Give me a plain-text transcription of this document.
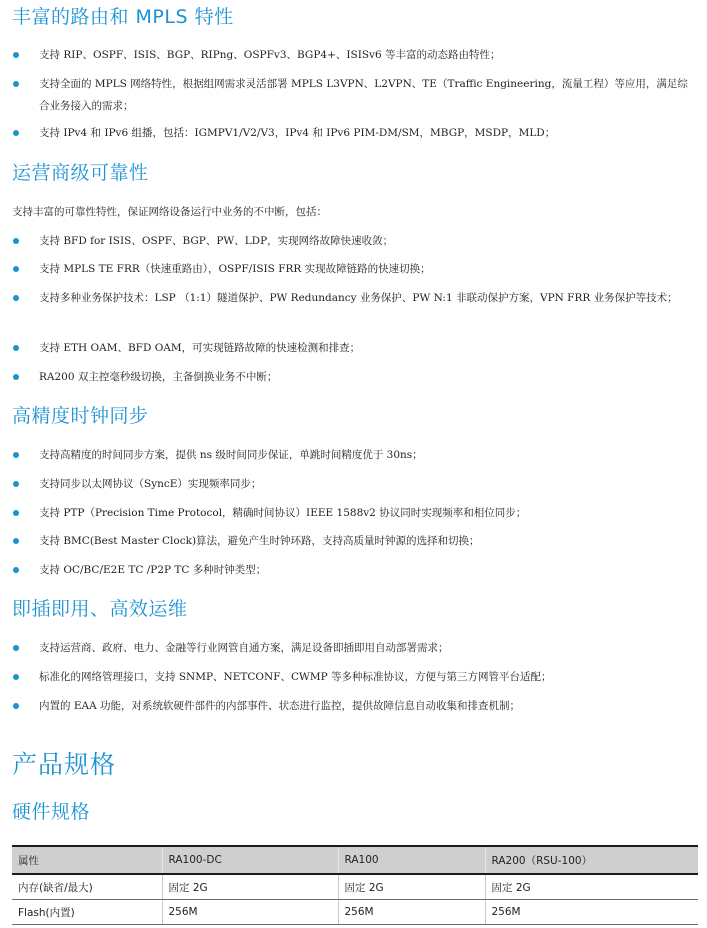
丰富的路由和 MPLS 特性
支持 RIP、OSPF、ISIS、BGP、RIPng、OSPFv3、BGP4+、ISISv6 等丰富的动态路由特性；
支持全面的 MPLS 网络特性，根据组网需求灵活部署 MPLS L3VPN、L2VPN、TE（Traffic Engineering，流量工程）等应用，满足综合业务接入的需求；
支持 IPv4 和 IPv6 组播，包括：IGMPV1/V2/V3，IPv4 和 IPv6 PIM-DM/SM，MBGP，MSDP，MLD；
运营商级可靠性
支持丰富的可靠性特性，保证网络设备运行中业务的不中断，包括：
支持 BFD for ISIS、OSPF、BGP、PW、LDP，实现网络故障快速收敛；
支持 MPLS TE FRR（快速重路由），OSPF/ISIS FRR 实现故障链路的快速切换；
支持多种业务保护技术：LSP （1:1）隧道保护、PW Redundancy 业务保护、PW N:1 非联动保护方案，VPN FRR 业务保护等技术；
支持 ETH OAM、BFD OAM，可实现链路故障的快速检测和排查；
RA200 双主控毫秒级切换，主备倒换业务不中断；
高精度时钟同步
支持高精度的时间同步方案，提供 ns 级时间同步保证，单跳时间精度优于 30ns；
支持同步以太网协议（SyncE）实现频率同步；
支持 PTP（Precision Time Protocol，精确时间协议）IEEE 1588v2 协议同时实现频率和相位同步；
支持 BMC(Best Master Clock)算法，避免产生时钟环路，支持高质量时钟源的选择和切换；
支持 OC/BC/E2E TC /P2P TC 多种时钟类型；
即插即用、高效运维
支持运营商、政府、电力、金融等行业网管自通方案，满足设备即插即用自动部署需求；
标准化的网络管理接口，支持 SNMP、NETCONF、CWMP 等多种标准协议，方便与第三方网管平台适配；
内置的 EAA 功能，对系统软硬件部件的内部事件、状态进行监控，提供故障信息自动收集和排查机制；
产品规格
硬件规格
属性	RA100-DC	RA100	RA200（RSU-100）
内存(缺省/最大)	固定 2G	固定 2G	固定 2G
Flash(内置)	256M	256M	256M
